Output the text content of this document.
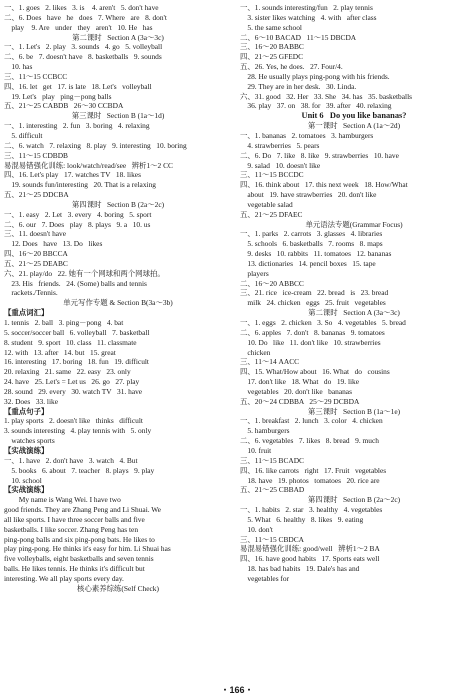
一、1. goes   2. likes   3. is    4. aren't   5. don't have
二、6. Does   have   he   does   7. Where   are   8. don't
play    9. Are   under   they   aren't   10. He   has
第二课时   Section A (3a～3c)
一、1. Let's   2. play   3. sounds   4. go   5. volleyball
二、6. be   7. doesn't have   8. basketballs   9. sounds
10. has
三、11～15 CCBCC
四、16. let   get   17. is late   18. Let's   volleyball
19. Let's   play   ping－pong balls
五、21～25 CABDB   26～30 CCBDA
第三课时   Section B (1a～1d)
一、1. interesting   2. fun   3. boring   4. relaxing
5. difficult
二、6. watch   7. relaxing   8. play   9. interesting   10. boring
三、11～15 CDBDB
易混易错强化训练: look/watch/read/see   辨析1～2 CC
四、16. Let's play   17. watches TV   18. likes
19. sounds fun/interesting   20. That is a relaxing
五、21～25 DDCBA
第四课时   Section B (2a～2c)
一、1. easy   2. Let   3. every   4. boring   5. sport
二、6. our   7. Does   play   8. plays   9. a   10. us
三、11. doesn't have
12. Does   have   13. Do   likes
四、16～20 BBCCA
五、21～25 DEABC
六、21. play/do   22. 她有一个网球和两个网球拍。
23. His   friends.   24. (Some) balls and tennis
rackets./Tennis.
单元写作专题 & Section B(3a～3b)
【重点词汇】
1. tennis   2. ball   3. ping－pong   4. bat
5. soccer/soccer ball   6. volleyball   7. basketball
8. student   9. sport   10. class   11. classmate
12. with   13. after   14. but   15. great
16. interesting   17. boring   18. fun   19. difficult
20. relaxing   21. same   22. easy   23. only
24. have   25. Let's = Let us   26. go   27. play
28. sound   29. every   30. watch TV   31. have
32. Does   33. like
【重点句子】
1. play sports   2. doesn't like   thinks   difficult
3. sounds interesting   4. play tennis with   5. only
watches sports
【实战演练】
一、1. have   2. don't have   3. watch   4. But
5. books   6. about   7. teacher   8. plays   9. play
10. school
【实战演练】
My name is Wang Wei. I have two
good friends. They are Zhang Peng and Li Shuai. We
all like sports. I have three soccer balls and five
basketballs. I like soccer. Zhang Peng has ten
ping-pong balls and six ping-pong bats. He likes to
play ping-pong. He thinks it's easy for him. Li Shuai has
five volleyballs, eight basketballs and seven tennis
balls. He likes tennis. He thinks it's difficult but
interesting. We all play sports every day.
核心素养综练(Self Check)
一、1. sounds interesting/fun   2. play tennis
3. sister likes watching   4. with   after class
5. the same school
二、6～10 BACAD   11～15 DBCDA
三、16～20 BABBC
四、21～25 GFEDC
五、26. Yes, he does.   27. Four/4.
28. He usually plays ping-pong with his friends.
29. They are in her desk.   30. Linda.
六、31. good   32. Her   33. She   34. has   35. basketballs
36. play   37. on   38. for   39. after   40. relaxing
Unit 6   Do you like bananas?
第一课时   Section A (1a～2d)
一、1. bananas   2. tomatoes   3. hamburgers
4. strawberries   5. pears
二、6. Do   7. like   8. like   9. strawberries   10. have
9. salad   10. doesn't like
三、11～15 BCCDC
四、16. think about   17. this next week   18. How/What
about   19. have strawberries   20. don't like
vegetable salad
五、21～25 DFAEC
单元语法专题(Grammar Focus)
一、1. parks   2. carrots   3. glasses   4. libraries
5. schools   6. basketballs   7. rooms   8. maps
9. desks   10. rabbits   11. tomatoes   12. bananas
13. dictionaries   14. pencil boxes   15. tape
players
二、16～20 ABBCC
三、21. rice   ice-cream   22. bread   is   23. bread
milk   24. chicken   eggs   25. fruit   vegetables
第二课时   Section A (3a～3c)
一、1. eggs   2. chicken   3. So   4. vegetables   5. bread
二、6. apples   7. don't   8. bananas   9. tomatoes
10. Do   like   11. don't like   10. strawberries
chicken
三、11～14 AACC
四、15. What/How about   16. What   do   cousins
17. don't like   18. What   do   19. like
vegetables   20. don't like   bananas
五、20～24 CDBBA   25～29 DCBDA
第三课时   Section B (1a～1e)
一、1. breakfast   2. lunch   3. color   4. chicken
5. hamburgers
二、6. vegetables   7. likes   8. bread   9. much
10. fruit
三、11～15 BCADC
四、16. like carrots   right   17. Fruit   vegetables
18. have   19. photos   tomatoes   20. rice are
五、21～25 CBBAD
第四课时   Section B (2a～2c)
一、1. habits   2. star   3. healthy   4. vegetables
5. What   6. healthy   8. likes   9. eating
10. don't
三、11～15 CBDCA
易混易错强化训练: good/well   辨析1～2 BA
四、16. have good habits   17. Sports eats well
18. has bad habits   19. Dale's has and
vegetables for
・166・
